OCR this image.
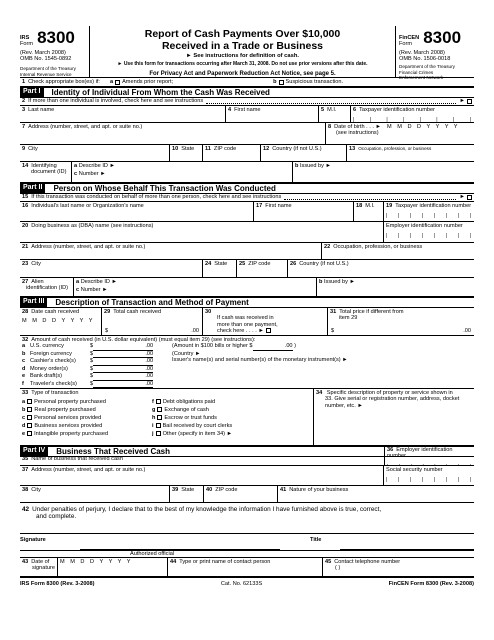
IRS
Form 8300
(Rev. March 2008)
OMB No. 1545-0892
Department of the Treasury
Internal Revenue Service
Report of Cash Payments Over $10,000
Received in a Trade or Business
► See instructions for definition of cash.
► Use this form for transactions occurring after March 31, 2008. Do not use prior versions after this date.
For Privacy Act and Paperwork Reduction Act Notice, see page 5.
FinCEN
Form 8300
(Rev. March 2008)
OMB No. 1506-0018
Department of the Treasury
Financial Crimes
Enforcement Network
1 Check appropriate box(es) if: a Amends prior report;	b Suspicious transaction.
Part I	Identity of Individual From Whom the Cash Was Received
2 If more than one individual is involved, check here and see instructions	►
3 Last name	4 First name	5 M.I.	6 Taxpayer identification number
|	|	|	|	|	|	|	|
7 Address (number, street, and apt. or suite no.)	8 Date of birth . . . ►
(see instructions)
M M D D Y Y Y Y
9 City	10 State	11 ZIP code	12 Country (if not U.S.)	13 Occupation, profession, or business
14 Identifying
document (ID)
a Describe ID ►
c Number ►
b Issued by ►
Part II	Person on Whose Behalf This Transaction Was Conducted
15 If this transaction was conducted on behalf of more than one person, check here and see instructions	►
16 Individual's last name or Organization's name	17 First name	18 M.I.	19 Taxpayer identification number
| | | | | | | |
20 Doing business as (DBA) name (see instructions)	Employer identification number
| | | | | | | |
21 Address (number, street, and apt. or suite no.)	22 Occupation, profession, or business
23 City	24 State	25 ZIP code	26 Country (if not U.S.)
27 Alien
identification (ID)
a Describe ID ►
c Number ►
b Issued by ►
Part III	Description of Transaction and Method of Payment
28 Date cash received
M M D D Y Y Y Y
29 Total cash received
$	.00
30
If cash was received in
more than one payment,
check here . . . . ►
31 Total price if different from
item 29
$	.00
32 Amount of cash received (in U.S. dollar equivalent) (must equal item 29) (see instructions):
a U.S. currency	$	.00
b Foreign currency	$	.00
c Cashier's check(s)	$	.00
d Money order(s)	$	.00
e Bank draft(s)	$	.00
f	Traveler's check(s)	$	.00
(Amount in $100 bills or higher $	.00 )
(Country ►
Issuer's name(s) and serial number(s) of the monetary instrument(s) ►
33 Type of transaction
a Personal property purchased
b Real property purchased
c Personal services provided
d Business services provided
e Intangible property purchased
f Debt obligations paid
g Exchange of cash
h Escrow or trust funds
i Bail received by court clerks
j Other (specify in item 34) ►
34 Specific description of property or service shown in
33. Give serial or registration number, address, docket
number, etc. ►
Part IV	Business That Received Cash	36 Employer identification number
35 Name of business that received cash
37 Address (number, street, and apt. or suite no.)	Social security number
| | | | | | | |
38 City	39 State	40 ZIP code	41 Nature of your business
42 Under penalties of perjury, I declare that to the best of my knowledge the information I have furnished above is true, correct,
and complete.
Signature
Authorized official
Title
43 Date of
signature
M M D D Y Y Y Y	44 Type or print name of contact person	45 Contact telephone number
( )
IRS Form 8300 (Rev. 3-2008)	Cat. No. 62133S	FinCEN Form 8300 (Rev. 3-2008)
